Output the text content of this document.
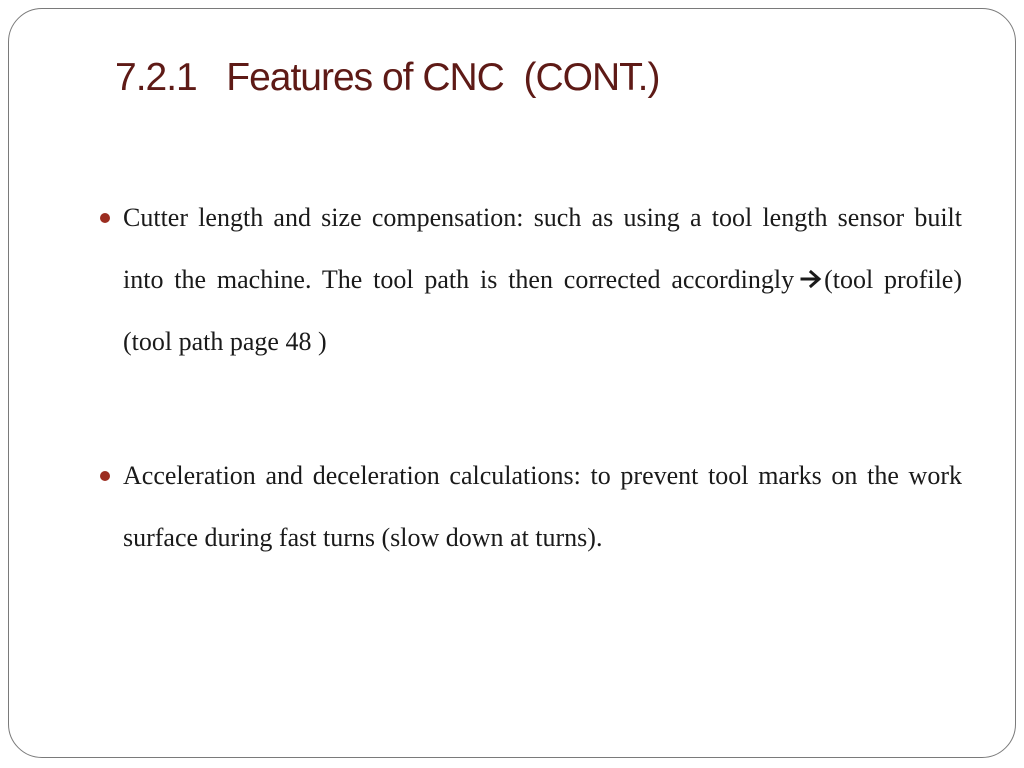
7.2.1   Features of CNC  (CONT.)

Cutter length and size compensation: such as using a tool length sensor built into the machine. The tool path is then corrected accordingly (tool profile) (tool path page 48 )

Acceleration and deceleration calculations: to prevent tool marks on the work surface during fast turns (slow down at turns).
